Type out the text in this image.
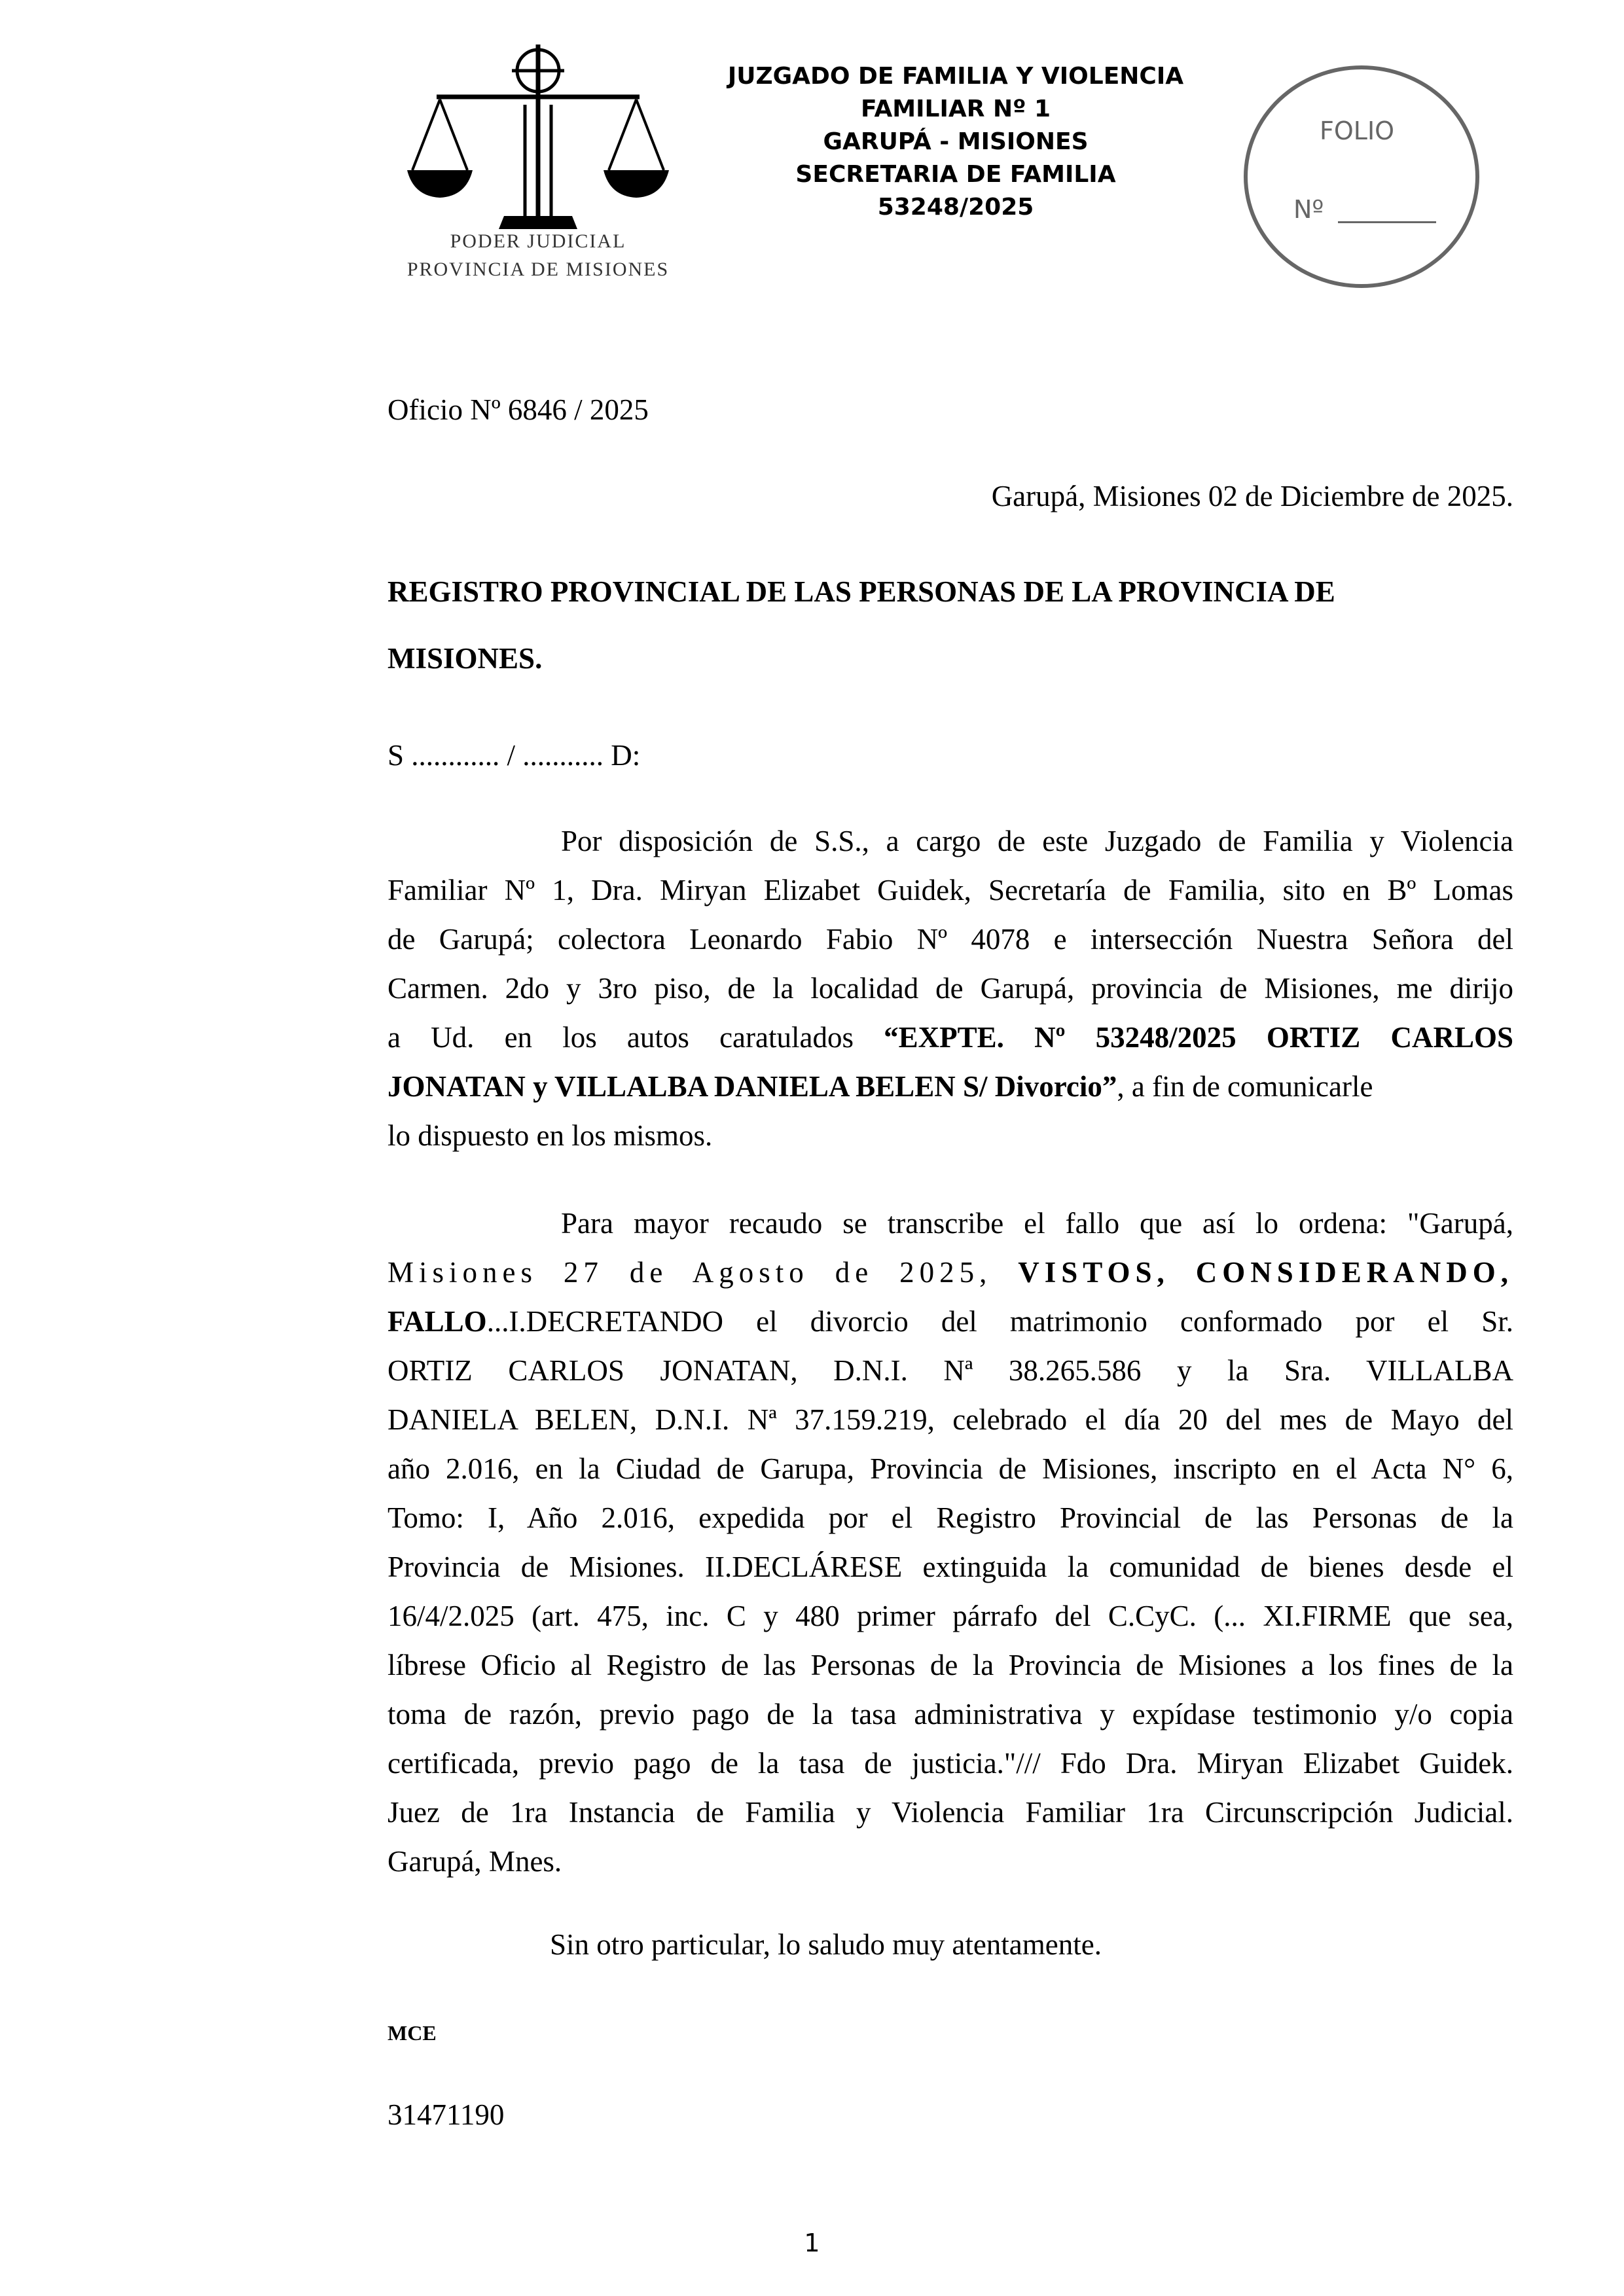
PODER JUDICIAL
PROVINCIA DE MISIONES
JUZGADO DE FAMILIA Y VIOLENCIA
FAMILIAR Nº 1
GARUPÁ - MISIONES
SECRETARIA DE FAMILIA
53248/2025
FOLIO
Nº
Oficio Nº 6846 / 2025
Garupá, Misiones 02 de Diciembre de 2025.
REGISTRO PROVINCIAL DE LAS PERSONAS DE LA PROVINCIA DE
MISIONES.
S ............ / ........... D:
Por disposición de S.S., a cargo de este Juzgado de Familia y Violencia
Familiar Nº 1, Dra. Miryan Elizabet Guidek, Secretaría de Familia, sito en Bº Lomas
de Garupá; colectora Leonardo Fabio Nº 4078 e intersección Nuestra Señora del
Carmen. 2do y 3ro piso, de la localidad de Garupá, provincia de Misiones, me dirijo
a Ud. en los autos caratulados “EXPTE. Nº 53248/2025 ORTIZ CARLOS
JONATAN y VILLALBA DANIELA BELEN S/ Divorcio”, a fin de comunicarle
lo dispuesto en los mismos.
Para mayor recaudo se transcribe el fallo que así lo ordena: "Garupá,
Misiones 27 de Agosto de 2025, VISTOS, CONSIDERANDO,
FALLO...I.DECRETANDO el divorcio del matrimonio conformado por el Sr.
ORTIZ CARLOS JONATAN, D.N.I. Nª 38.265.586 y la Sra. VILLALBA
DANIELA BELEN, D.N.I. Nª 37.159.219, celebrado el día 20 del mes de Mayo del
año 2.016, en la Ciudad de Garupa, Provincia de Misiones, inscripto en el Acta N° 6,
Tomo: I, Año 2.016, expedida por el Registro Provincial de las Personas de la
Provincia de Misiones. II.DECLÁRESE extinguida la comunidad de bienes desde el
16/4/2.025 (art. 475, inc. C y 480 primer párrafo del C.CyC. (... XI.FIRME que sea,
líbrese Oficio al Registro de las Personas de la Provincia de Misiones a los fines de la
toma de razón, previo pago de la tasa administrativa y expídase testimonio y/o copia
certificada, previo pago de la tasa de justicia."/// Fdo Dra. Miryan Elizabet Guidek.
Juez de 1ra Instancia de Familia y Violencia Familiar 1ra Circunscripción Judicial.
Garupá, Mnes.
Sin otro particular, lo saludo muy atentamente.
MCE
31471190
1
